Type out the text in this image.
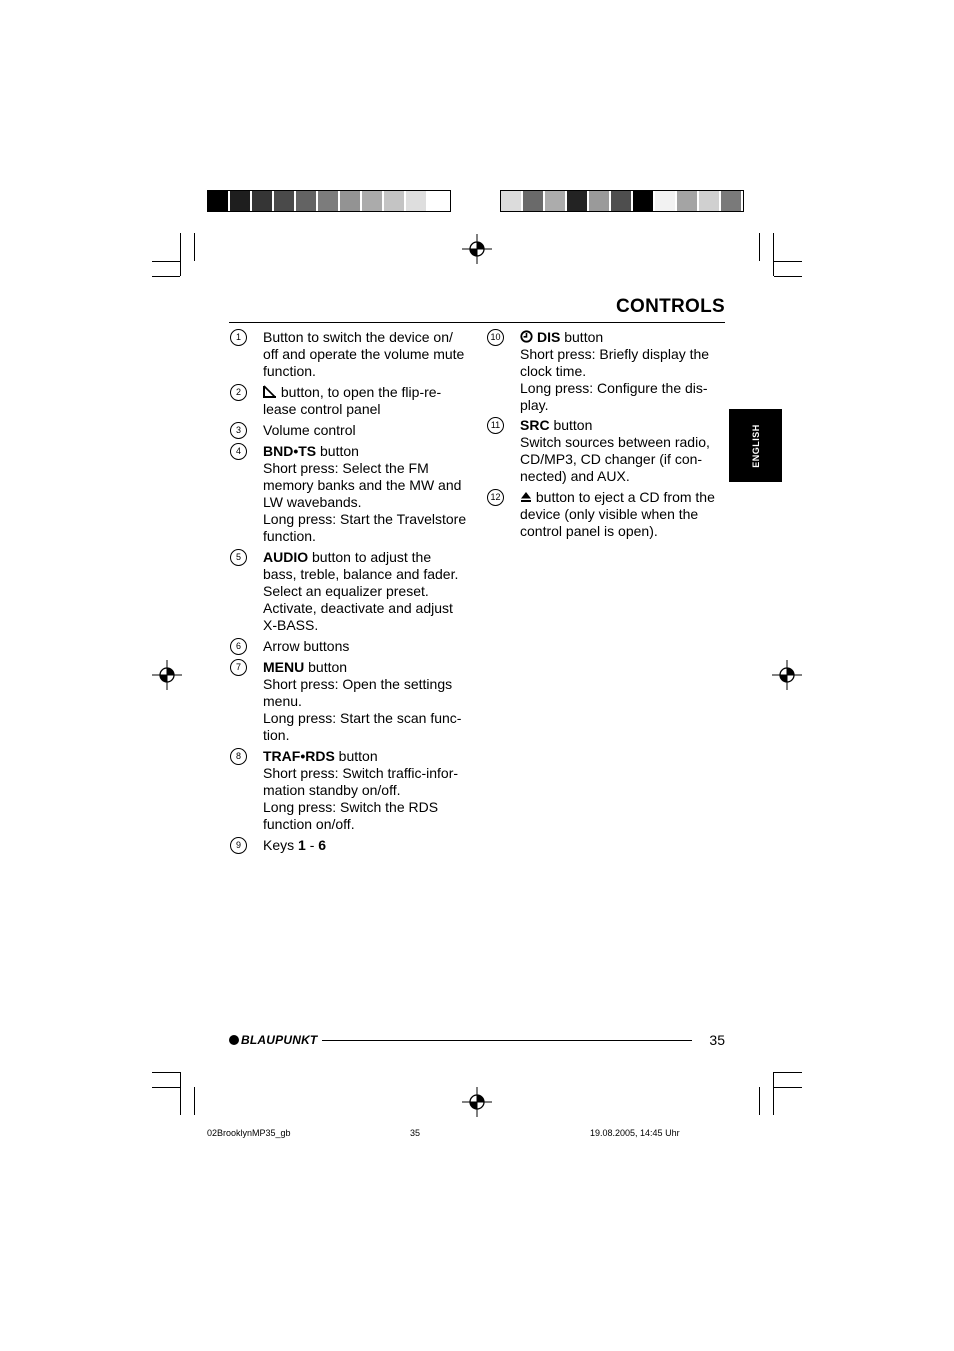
CONTROLS
ENGLISH
1	Button to switch the device on/
off and operate the volume mute
function.
2	button, to open the flip-re-
lease control panel
3	Volume control
4	BND•TS button
Short press: Select the FM
memory banks and the MW and
LW wavebands.
Long press: Start the Travelstore
function.
5	AUDIO button to adjust the
bass, treble, balance and fader.
Select an equalizer preset.
Activate, deactivate and adjust
X-BASS.
6	Arrow buttons
7	MENU button
Short press: Open the settings
menu.
Long press: Start the scan func-
tion.
8	TRAF•RDS button
Short press: Switch traffic-infor-
mation standby on/off.
Long press: Switch the RDS
function on/off.
9	Keys 1 - 6
10	DIS button
Short press: Briefly display the
clock time.
Long press: Configure the dis-
play.
11 SRC button
Switch sources between radio,
CD/MP3, CD changer (if con-
nected) and AUX.
12	button to eject a CD from the
device (only visible when the
control panel is open).
BLAUPUNKT	35
02BrooklynMP35_gb	35	19.08.2005, 14:45 Uhr
